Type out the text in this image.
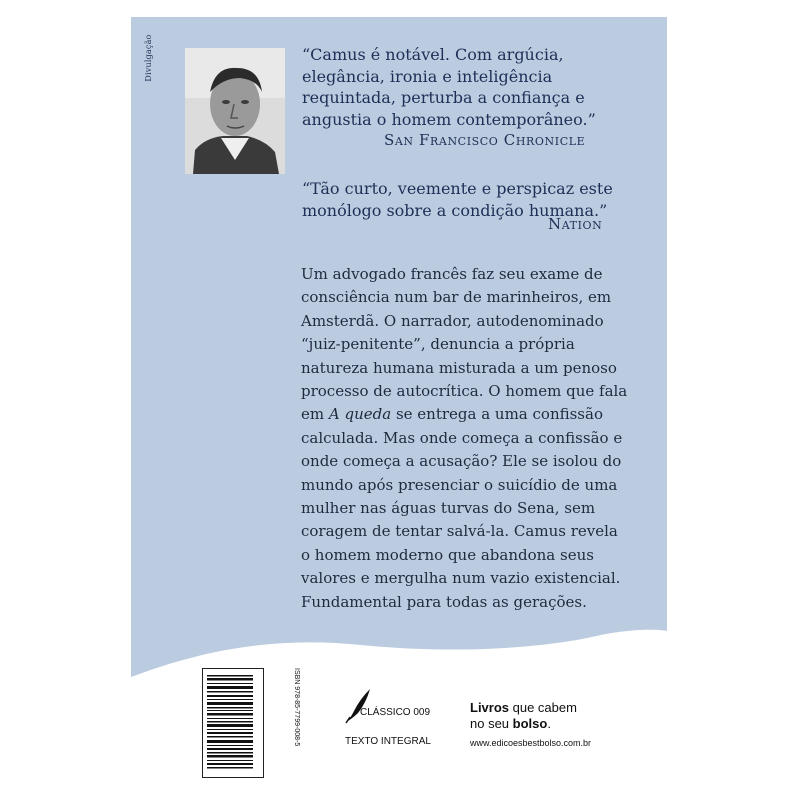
Divulgação	“Camus é notável. Com argúcia,
elegância, ironia e inteligência
requintada, perturba a confiança e
angustia o homem contemporâneo.”
San Francisco Chronicle
“Tão curto, veemente e perspicaz este
monólogo sobre a condição humana.”
Nation
Um advogado francês faz seu exame de
consciência num bar de marinheiros, em
Amsterdã. O narrador, autodenominado
“juiz-penitente”, denuncia a própria
natureza humana misturada a um penoso
processo de autocrítica. O homem que fala
em A queda se entrega a uma confissão
calculada. Mas onde começa a confissão e
onde começa a acusação? Ele se isolou do
mundo após presenciar o suicídio de uma
mulher nas águas turvas do Sena, sem
coragem de tentar salvá-la. Camus revela
o homem moderno que abandona seus
valores e mergulha num vazio existencial.
Fundamental para todas as gerações.
ISBN 978-85-7799-008-5	CLÁSSICO 009
TEXTO INTEGRAL
Livros que cabem
no seu bolso.
www.edicoesbestbolso.com.br
